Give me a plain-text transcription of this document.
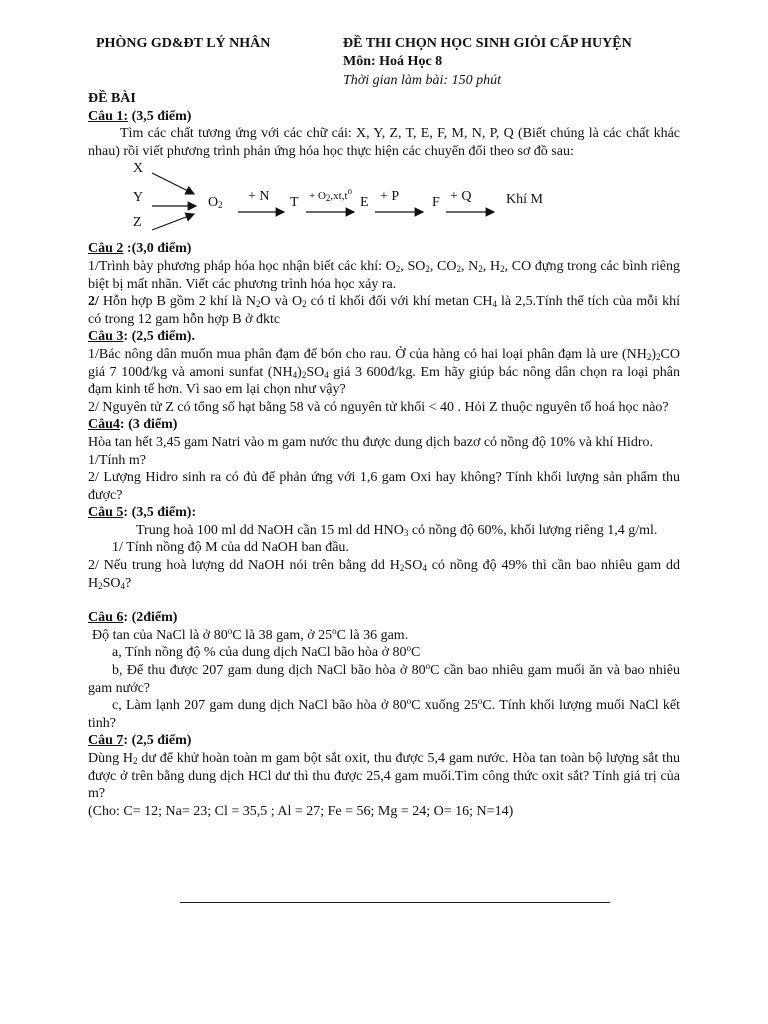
PHÒNG GD&ĐT LÝ NHÂN	ĐỀ THI CHỌN HỌC SINH GIỎI CẤP HUYỆN
Môn: Hoá Học 8
Thời gian làm bài: 150 phút

ĐỀ BÀI

Câu 1: (3,5 điểm)

Tìm các chất tương ứng với các chữ cái: X, Y, Z, T, E, F, M, N, P, Q (Biết chúng là các chất khác nhau) rồi viết phương trình phản ứng hóa học thực hiện các chuyển đổi theo sơ đồ sau:

X
Y
Z
$O_2$
+ N $T + O_2,xt,t^o$
E + P F + Q Khí M

Câu 2 :(3,0 điểm)

1/Trình bày phương pháp hóa học nhận biết các khí: $O_2$, $SO_2$, $CO_2$, $N_2$, $H_2$, CO đựng trong các bình riêng biệt bị mất nhãn. Viết các phương trình hóa học xảy ra.

2/ Hỗn hợp B gồm 2 khí là $N_2O$ và $O_2$ có tỉ khối đối với khí metan $CH_4$ là 2,5.Tính thể tích của mỗi khí có trong 12 gam hỗn hợp B ở đktc

Câu 3: (2,5 điểm).

1/Bác nông dân muốn mua phân đạm để bón cho rau. Ở của hàng có hai loại phân đạm là ure $(NH_2)_2CO$ giá 7 100đ/kg và amoni sunfat $(NH_4)_2SO_4$ giá 3 600đ/kg. Em hãy giúp bác nông dân chọn ra loại phân đạm kinh tế hơn. Vì sao em lại chọn như vậy?

2/ Nguyên tử Z có tổng số hạt bằng 58 và có nguyên tử khối < 40 . Hỏi Z thuộc nguyên tố hoá học nào?

Câu4: (3 điểm)

Hòa tan hết 3,45 gam Natri vào m gam nước thu được dung dịch bazơ có nồng độ 10% và khí Hidro.

1/Tính m?

2/ Lượng Hidro sinh ra có đủ để phản ứng với 1,6 gam Oxi hay không? Tính khối lượng sản phẩm thu được?

Câu 5: (3,5 điểm):

Trung hoà 100 ml dd NaOH cần 15 ml dd $HNO_3$ có nồng độ 60%, khối lượng riêng 1,4 g/ml.

1/ Tính nồng độ M của dd NaOH ban đầu.

2/ Nếu trung hoà lượng dd NaOH nói trên bằng dd $H_2SO_4$ có nồng độ 49% thì cần bao nhiêu gam dd $H_2SO_4$?

Câu 6: (2điểm)

Độ tan của NaCl là ở 80$^o$C là 38 gam, ở 25$^o$C là 36 gam.

a, Tính nồng độ % của dung dịch NaCl bão hòa ở 80$^o$C

b, Để thu được 207 gam dung dịch NaCl bão hòa ở 80$^o$C cần bao nhiêu gam muối ăn và bao nhiêu gam nước?

c, Làm lạnh 207 gam dung dịch NaCl bão hòa ở 80$^o$C xuống 25$^o$C. Tính khối lượng muối NaCl kết tinh?

Câu 7: (2,5 điểm)

Dùng $H_2$ dư để khử hoàn toàn m gam bột sắt oxit, thu được 5,4 gam nước. Hòa tan toàn bộ lượng sắt thu được ở trên bằng dung dịch HCl dư thì thu được 25,4 gam muối.Tìm công thức oxit sắt? Tính giá trị của m?

(Cho: C= 12; Na= 23; Cl = 35,5 ; Al = 27; Fe = 56; Mg = 24; O= 16; N=14)
